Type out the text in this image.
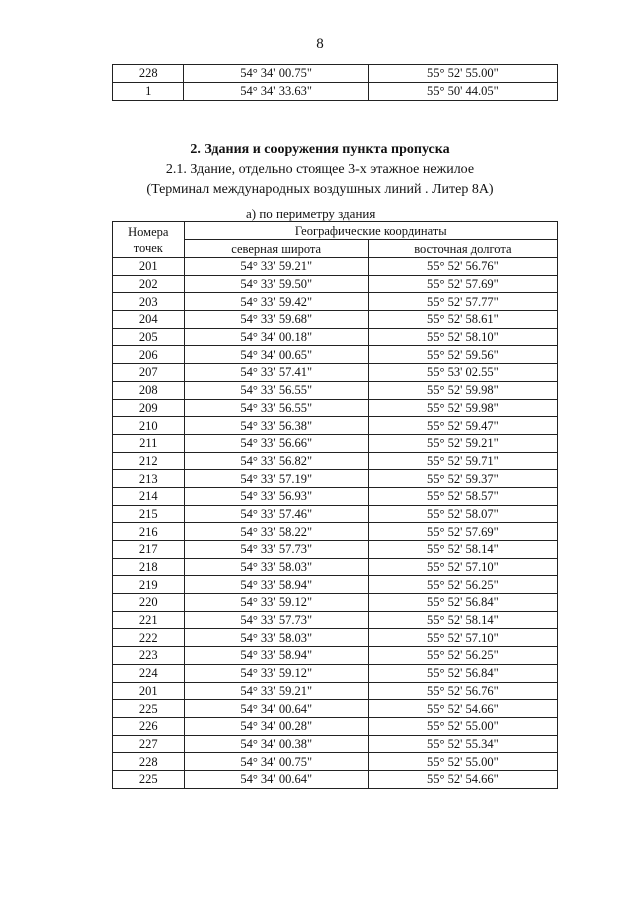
8
228	54° 34' 00.75"	55° 52' 55.00"
1	54° 34' 33.63"	55° 50' 44.05"
2. Здания и сооружения пункта пропуска
2.1. Здание, отдельно стоящее 3-х этажное нежилое
(Терминал международных воздушных линий . Литер 8А)
а) по периметру здания
Номера
точек	Географические координаты	
	северная широта	восточная долгота
201	54° 33' 59.21"	55° 52' 56.76"
202	54° 33' 59.50"	55° 52' 57.69"
203	54° 33' 59.42"	55° 52' 57.77"
204	54° 33' 59.68"	55° 52' 58.61"
205	54° 34' 00.18"	55° 52' 58.10"
206	54° 34' 00.65"	55° 52' 59.56"
207	54° 33' 57.41"	55° 53' 02.55"
208	54° 33' 56.55"	55° 52' 59.98"
209	54° 33' 56.55"	55° 52' 59.98"
210	54° 33' 56.38"	55° 52' 59.47"
211	54° 33' 56.66"	55° 52' 59.21"
212	54° 33' 56.82"	55° 52' 59.71"
213	54° 33' 57.19"	55° 52' 59.37"
214	54° 33' 56.93"	55° 52' 58.57"
215	54° 33' 57.46"	55° 52' 58.07"
216	54° 33' 58.22"	55° 52' 57.69"
217	54° 33' 57.73"	55° 52' 58.14"
218	54° 33' 58.03"	55° 52' 57.10"
219	54° 33' 58.94"	55° 52' 56.25"
220	54° 33' 59.12"	55° 52' 56.84"
221	54° 33' 57.73"	55° 52' 58.14"
222	54° 33' 58.03"	55° 52' 57.10"
223	54° 33' 58.94"	55° 52' 56.25"
224	54° 33' 59.12"	55° 52' 56.84"
201	54° 33' 59.21"	55° 52' 56.76"
225	54° 34' 00.64"	55° 52' 54.66"
226	54° 34' 00.28"	55° 52' 55.00"
227	54° 34' 00.38"	55° 52' 55.34"
228	54° 34' 00.75"	55° 52' 55.00"
225	54° 34' 00.64"	55° 52' 54.66"
